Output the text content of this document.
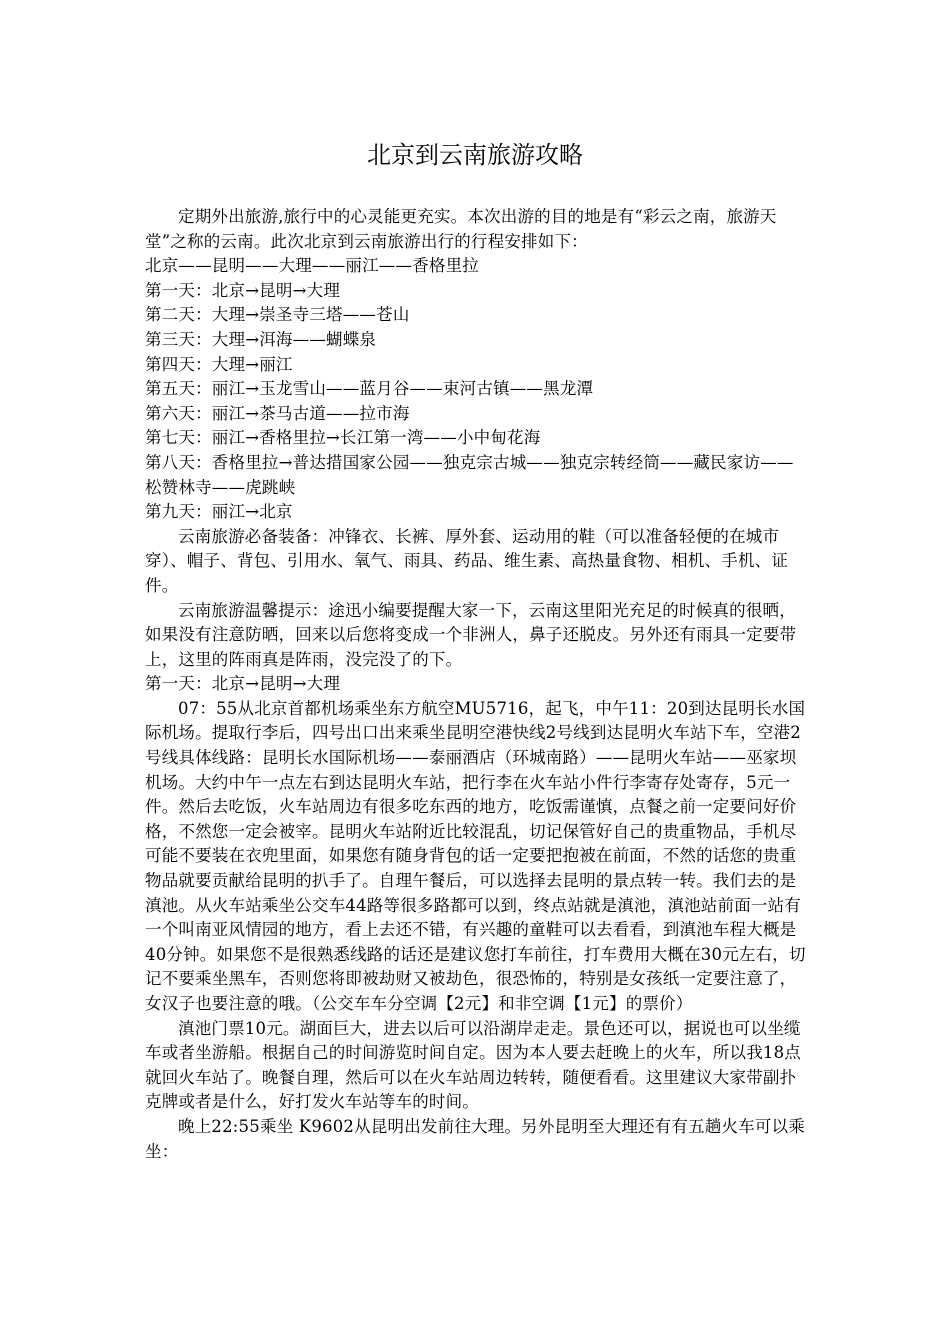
北京到云南旅游攻略

定期外出旅游,旅行中的心灵能更充实。本次出游的目的地是有“彩云之南，旅游天堂”之称的云南。此次北京到云南旅游出行的行程安排如下：

北京——昆明——大理——丽江——香格里拉

第一天：北京→昆明→大理

第二天：大理→崇圣寺三塔——苍山

第三天：大理→洱海——蝴蝶泉

第四天：大理→丽江

第五天：丽江→玉龙雪山——蓝月谷——束河古镇——黑龙潭

第六天：丽江→茶马古道——拉市海

第七天：丽江→香格里拉→长江第一湾——小中甸花海

第八天：香格里拉→普达措国家公园——独克宗古城——独克宗转经筒——藏民家访——松赞林寺——虎跳峡

第九天：丽江→北京

云南旅游必备装备：冲锋衣、长裤、厚外套、运动用的鞋（可以准备轻便的在城市穿）、帽子、背包、引用水、氧气、雨具、药品、维生素、高热量食物、相机、手机、证件。

云南旅游温馨提示：途迅小编要提醒大家一下，云南这里阳光充足的时候真的很晒，如果没有注意防晒，回来以后您将变成一个非洲人，鼻子还脱皮。另外还有雨具一定要带上，这里的阵雨真是阵雨，没完没了的下。

第一天：北京→昆明→大理

07：55从北京首都机场乘坐东方航空MU5716，起飞，中午11：20到达昆明长水国际机场。提取行李后，四号出口出来乘坐昆明空港快线2号线到达昆明火车站下车，空港2号线具体线路：昆明长水国际机场——泰丽酒店（环城南路）——昆明火车站——巫家坝机场。大约中午一点左右到达昆明火车站，把行李在火车站小件行李寄存处寄存，5元一件。然后去吃饭，火车站周边有很多吃东西的地方，吃饭需谨慎，点餐之前一定要问好价格，不然您一定会被宰。昆明火车站附近比较混乱，切记保管好自己的贵重物品，手机尽可能不要装在衣兜里面，如果您有随身背包的话一定要把抱被在前面，不然的话您的贵重物品就要贡献给昆明的扒手了。自理午餐后，可以选择去昆明的景点转一转。我们去的是滇池。从火车站乘坐公交车44路等很多路都可以到，终点站就是滇池，滇池站前面一站有一个叫南亚风情园的地方，看上去还不错，有兴趣的童鞋可以去看看，到滇池车程大概是40分钟。如果您不是很熟悉线路的话还是建议您打车前往，打车费用大概在30元左右，切记不要乘坐黑车，否则您将即被劫财又被劫色，很恐怖的，特别是女孩纸一定要注意了，女汉子也要注意的哦。（公交车车分空调【2元】和非空调【1元】的票价）

滇池门票10元。湖面巨大，进去以后可以沿湖岸走走。景色还可以，据说也可以坐缆车或者坐游船。根据自己的时间游览时间自定。因为本人要去赶晚上的火车，所以我18点就回火车站了。晚餐自理，然后可以在火车站周边转转，随便看看。这里建议大家带副扑克牌或者是什么，好打发火车站等车的时间。

晚上22:55乘坐 K9602从昆明出发前往大理。另外昆明至大理还有有五趟火车可以乘坐：
